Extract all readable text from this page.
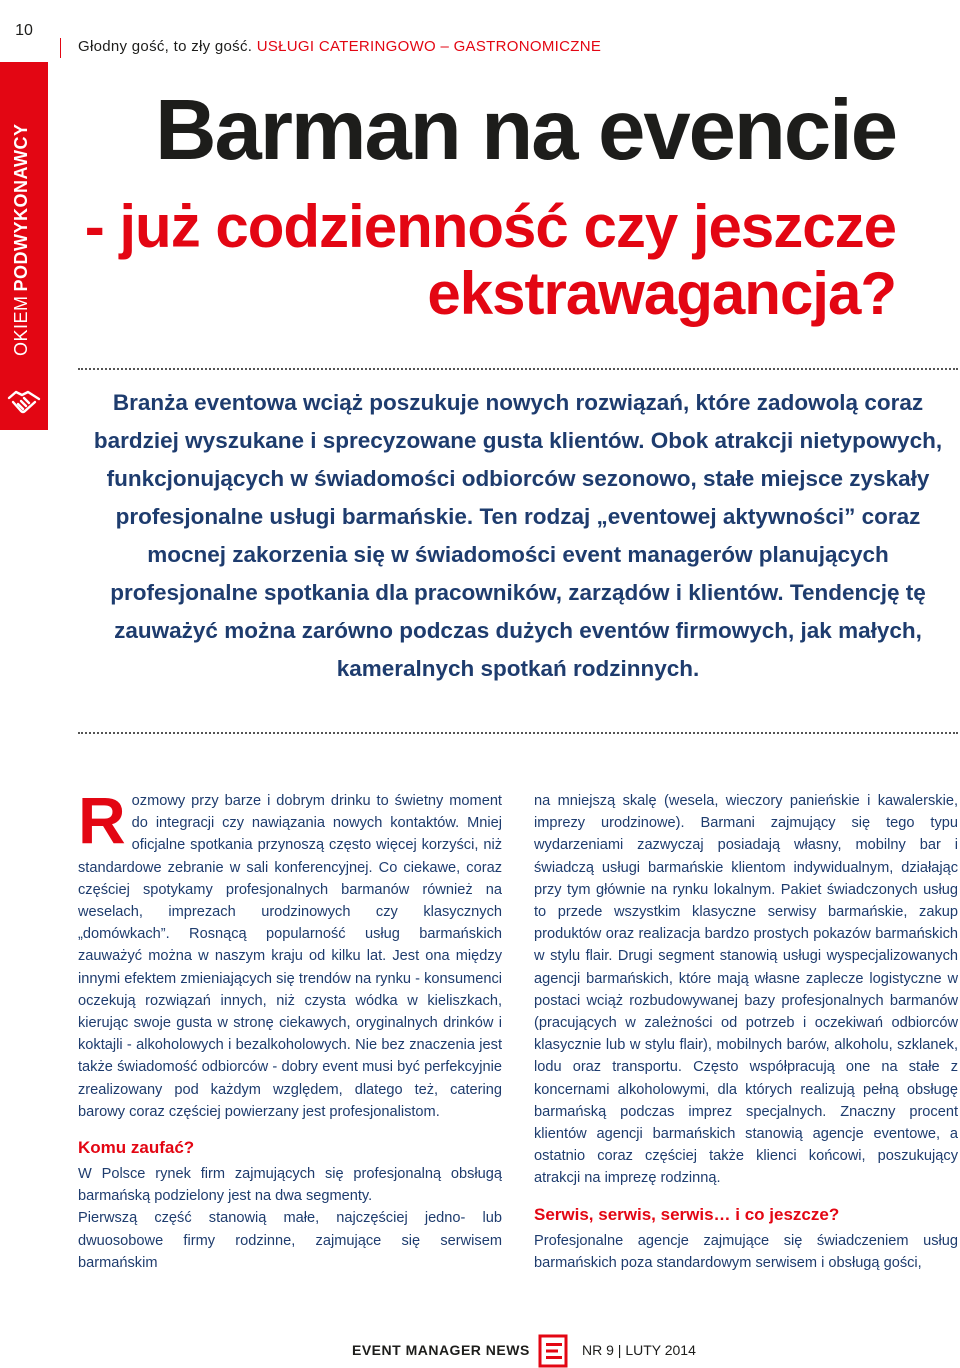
10
Głodny gość, to zły gość. USŁUGI CATERINGOWO – GASTRONOMICZNE
OKIEM
PODWYKONAWCY	Barman na evencie
- już codzienność czy jeszcze
ekstrawagancja?
Branża eventowa wciąż poszukuje nowych rozwiązań, które zadowolą coraz bardziej wyszukane i sprecyzowane gusta klientów. Obok atrakcji nietypowych, funkcjonujących w świadomości odbiorców sezonowo, stałe miejsce zyskały profesjonalne usługi barmańskie. Ten rodzaj „eventowej aktywności” coraz mocnej zakorzenia się w świadomości event managerów planujących profesjonalne spotkania dla pracowników, zarządów i klientów. Tendencję tę zauważyć można zarówno podczas dużych eventów firmowych, jak małych, kameralnych spotkań rodzinnych.

Rozmowy przy barze i dobrym drinku to świetny moment do integracji czy nawiązania nowych kontaktów. Mniej oficjalne spotkania przynoszą często więcej korzyści, niż standardowe zebranie w sali konferencyjnej. Co ciekawe, coraz częściej spotykamy profesjonalnych barmanów również na weselach, imprezach urodzinowych czy klasycznych „domówkach”. Rosnącą popularność usług barmańskich zauważyć można w naszym kraju od kilku lat. Jest ona między innymi efektem zmieniających się trendów na rynku - konsumenci oczekują rozwiązań innych, niż czysta wódka w kieliszkach, kierując swoje gusta w stronę ciekawych, oryginalnych drinków i koktajli - alkoholowych i bezalkoholowych. Nie bez znaczenia jest także świadomość odbiorców - dobry event musi być perfekcyjnie zrealizowany pod każdym względem, dlatego też, catering barowy coraz częściej powierzany jest profesjonalistom.

Komu zaufać?

W Polsce rynek firm zajmujących się profesjonalną obsługą barmańską podzielony jest na dwa segmenty.

Pierwszą część stanowią małe, najczęściej jedno- lub dwuosobowe firmy rodzinne, zajmujące się serwisem barmańskim

na mniejszą skalę (wesela, wieczory panieńskie i kawalerskie, imprezy urodzinowe). Barmani zajmujący się tego typu wydarzeniami zazwyczaj posiadają własny, mobilny bar i świadczą usługi barmańskie klientom indywidualnym, działając przy tym głównie na rynku lokalnym. Pakiet świadczonych usług to przede wszystkim klasyczne serwisy barmańskie, zakup produktów oraz realizacja bardzo prostych pokazów barmańskich w stylu flair. Drugi segment stanowią usługi wyspecjalizowanych agencji barmańskich, które mają własne zaplecze logistyczne w postaci wciąż rozbudowywanej bazy profesjonalnych barmanów (pracujących w zależności od potrzeb i oczekiwań odbiorców klasycznie lub w stylu flair), mobilnych barów, alkoholu, szklanek, lodu oraz transportu. Często współpracują one na stałe z koncernami alkoholowymi, dla których realizują pełną obsługę barmańską podczas imprez specjalnych. Znaczny procent klientów agencji barmańskich stanowią agencje eventowe, a ostatnio coraz częściej także klienci końcowi, poszukujący atrakcji na imprezę rodzinną.

Serwis, serwis, serwis… i co jeszcze?

Profesjonalne agencje zajmujące się świadczeniem usług barmańskich poza standardowym serwisem i obsługą gości,

EVENT MANAGER NEWS	NR 9 | LUTY 2014
